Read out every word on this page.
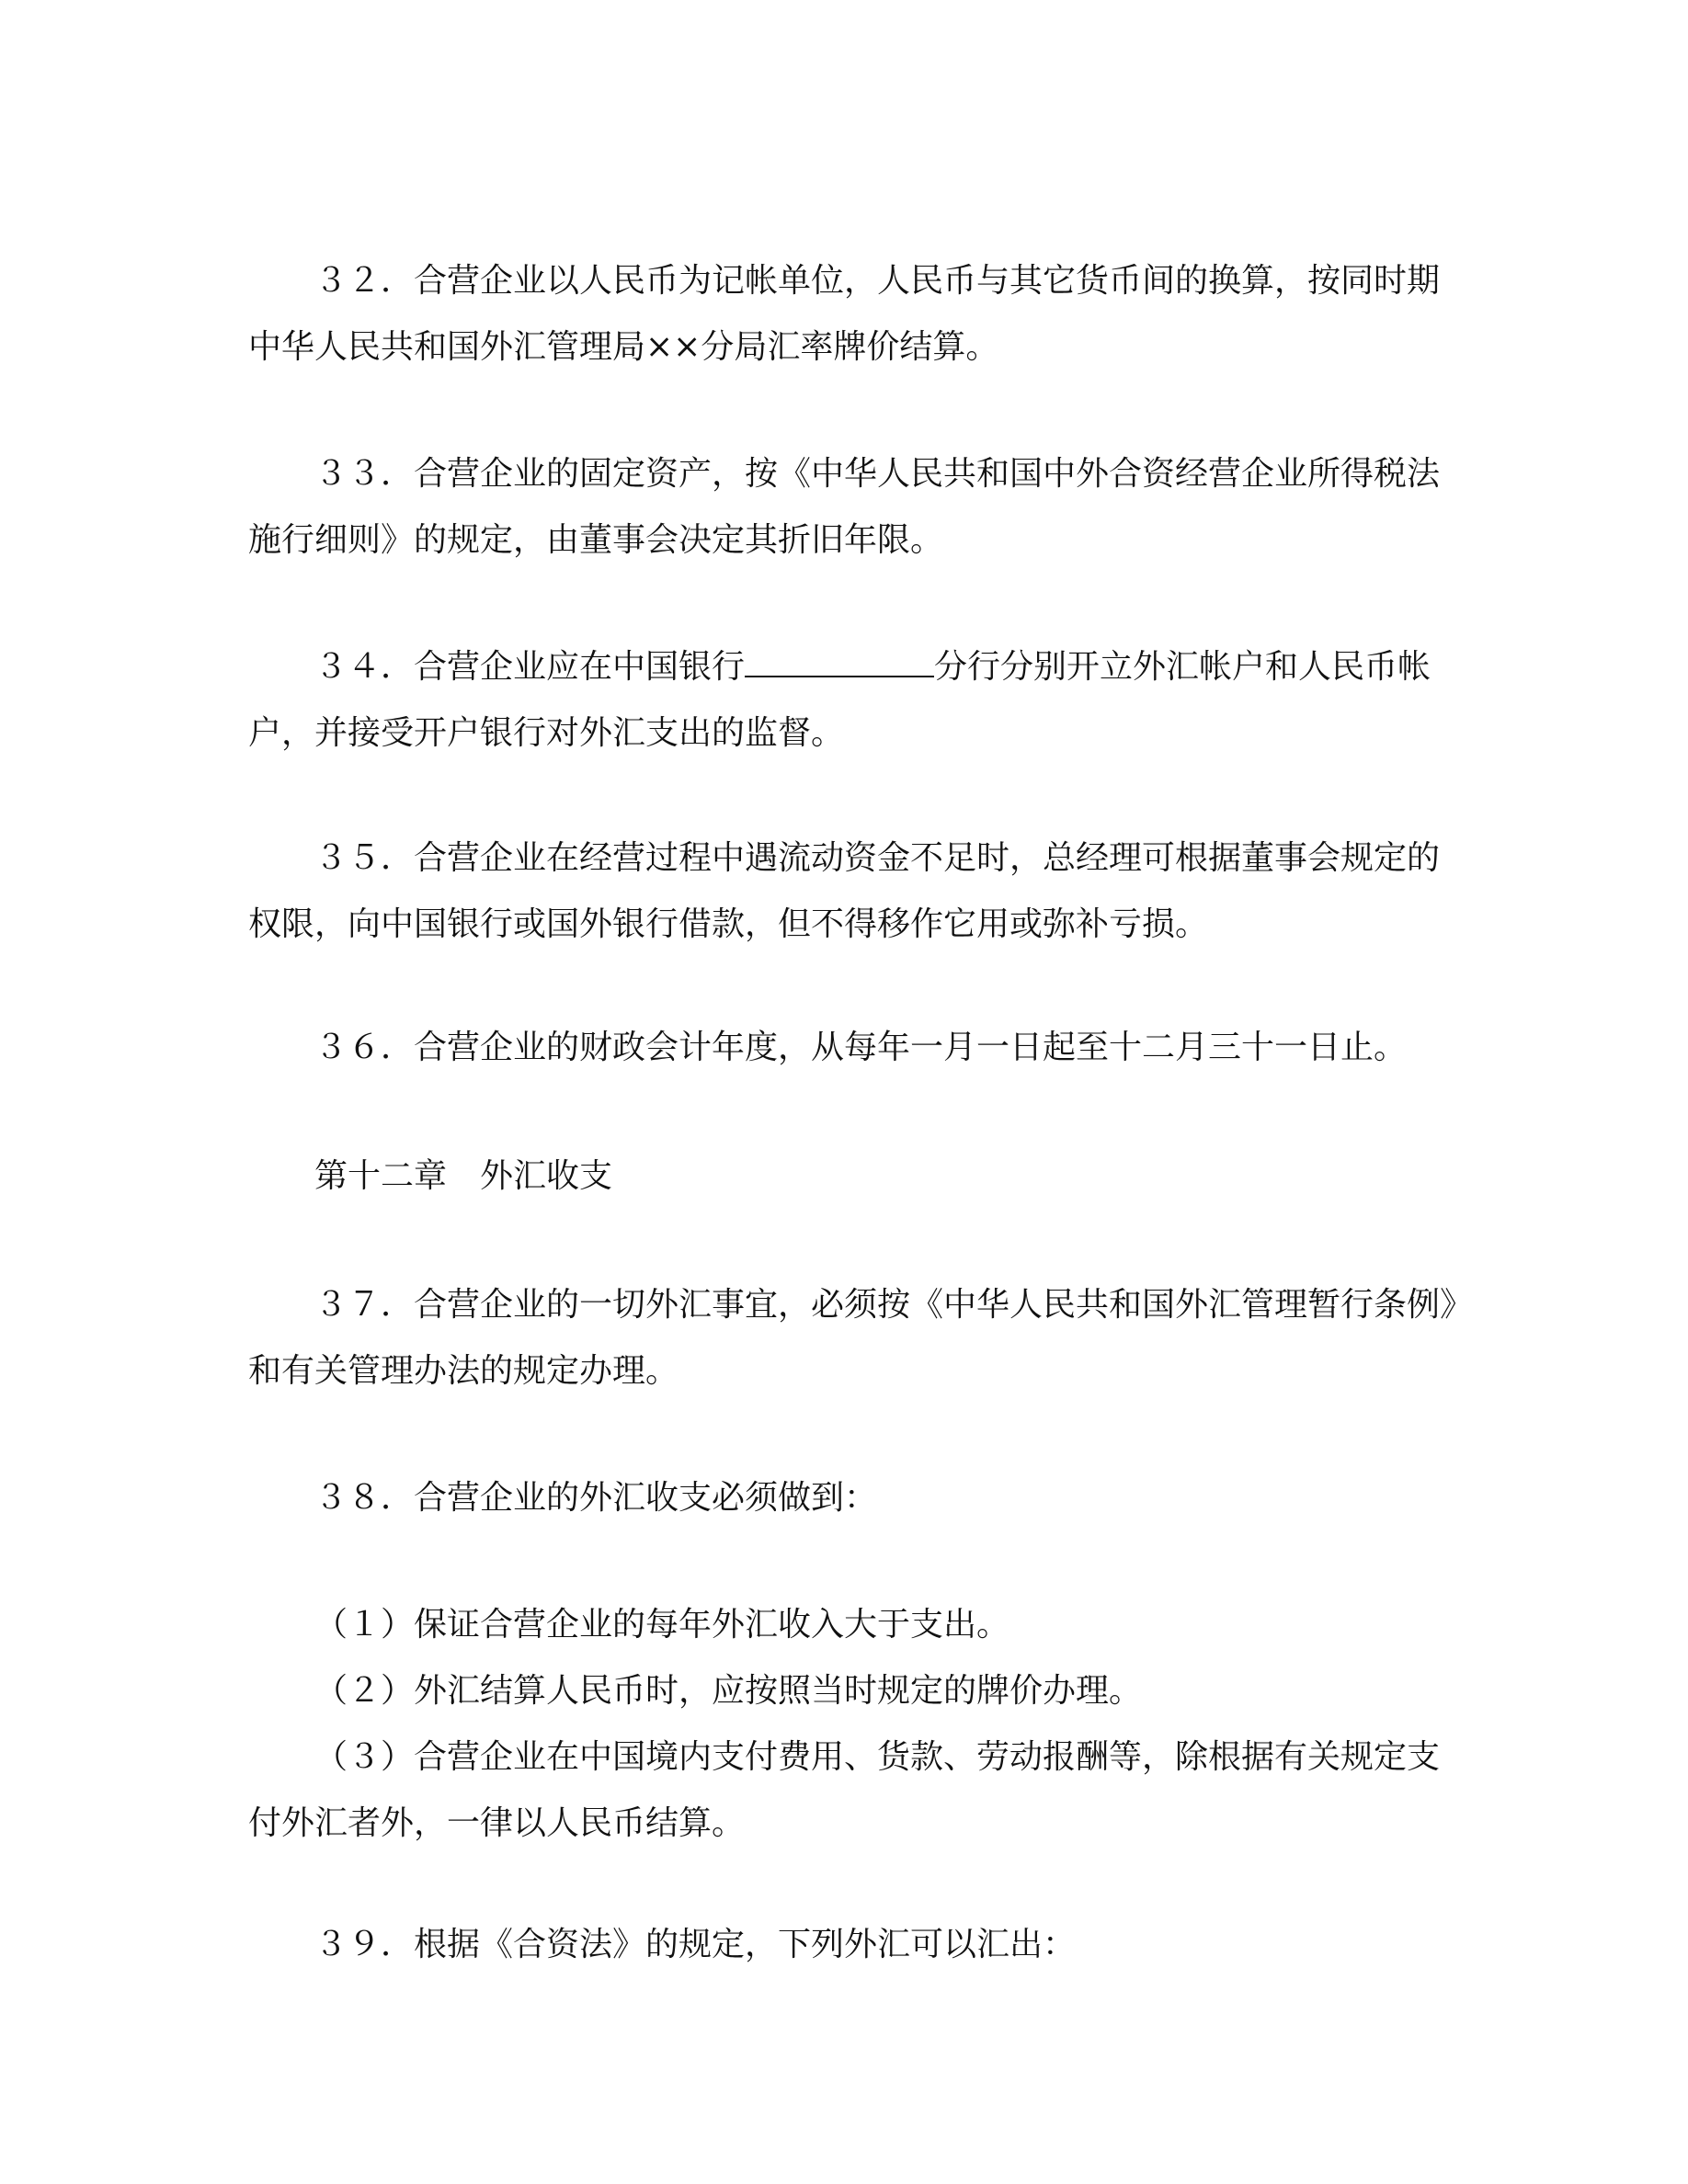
３２．合营企业以人民币为记帐单位，人民币与其它货币间的换算，按同时期
中华人民共和国外汇管理局××分局汇率牌价结算。
３３．合营企业的固定资产，按《中华人民共和国中外合资经营企业所得税法
施行细则》的规定，由董事会决定其折旧年限。
３４．合营企业应在中国银行	分行分别开立外汇帐户和人民币帐
户，并接受开户银行对外汇支出的监督。
３５．合营企业在经营过程中遇流动资金不足时，总经理可根据董事会规定的
权限，向中国银行或国外银行借款，但不得移作它用或弥补亏损。
３６．合营企业的财政会计年度，从每年一月一日起至十二月三十一日止。
第十二章　外汇收支
３７．合营企业的一切外汇事宜，必须按《中华人民共和国外汇管理暂行条例》
和有关管理办法的规定办理。
３８．合营企业的外汇收支必须做到：
（１）保证合营企业的每年外汇收入大于支出。
（２）外汇结算人民币时，应按照当时规定的牌价办理。
（３）合营企业在中国境内支付费用、货款、劳动报酬等，除根据有关规定支
付外汇者外，一律以人民币结算。
３９．根据《合资法》的规定，下列外汇可以汇出：
